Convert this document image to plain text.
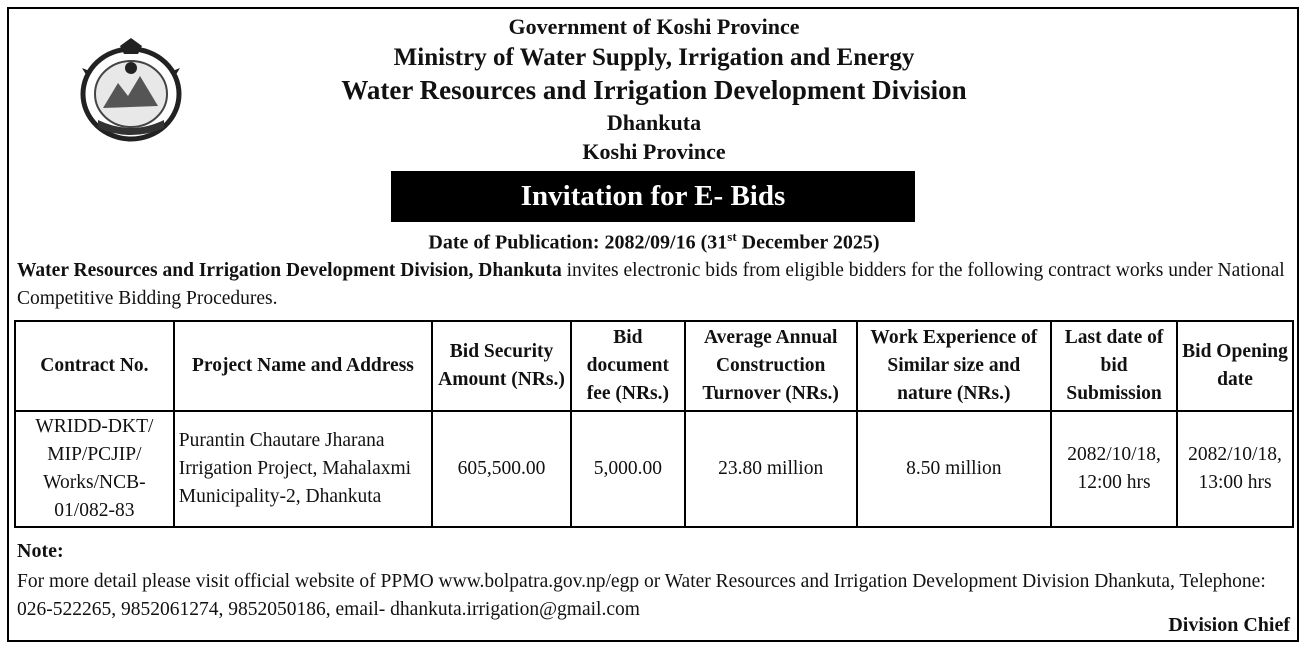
Government of Koshi Province
Ministry of Water Supply, Irrigation and Energy
Water Resources and Irrigation Development Division
Dhankuta
Koshi Province
Invitation for E- Bids
Date of Publication: 2082/09/16 (31st December 2025)
Water Resources and Irrigation Development Division, Dhankuta invites electronic bids from eligible bidders for the following contract works under National Competitive Bidding Procedures.
Contract No.	Project Name and Address	Bid Security Amount (NRs.)	Bid document fee (NRs.)	Average Annual Construction Turnover (NRs.)	Work Experience of Similar size and nature (NRs.)	Last date of bid Submission	Bid Opening date
WRIDD-DKT/ MIP/PCJIP/ Works/NCB-01/082-83	Purantin Chautare Jharana Irrigation Project, Mahalaxmi Municipality-2, Dhankuta	605,500.00	5,000.00	23.80 million	8.50 million	2082/10/18, 12:00 hrs	2082/10/18, 13:00 hrs
Note:
For more detail please visit official website of PPMO www.bolpatra.gov.np/egp or Water Resources and Irrigation Development Division Dhankuta, Telephone: 026-522265, 9852061274, 9852050186, email- dhankuta.irrigation@gmail.com
Division Chief
